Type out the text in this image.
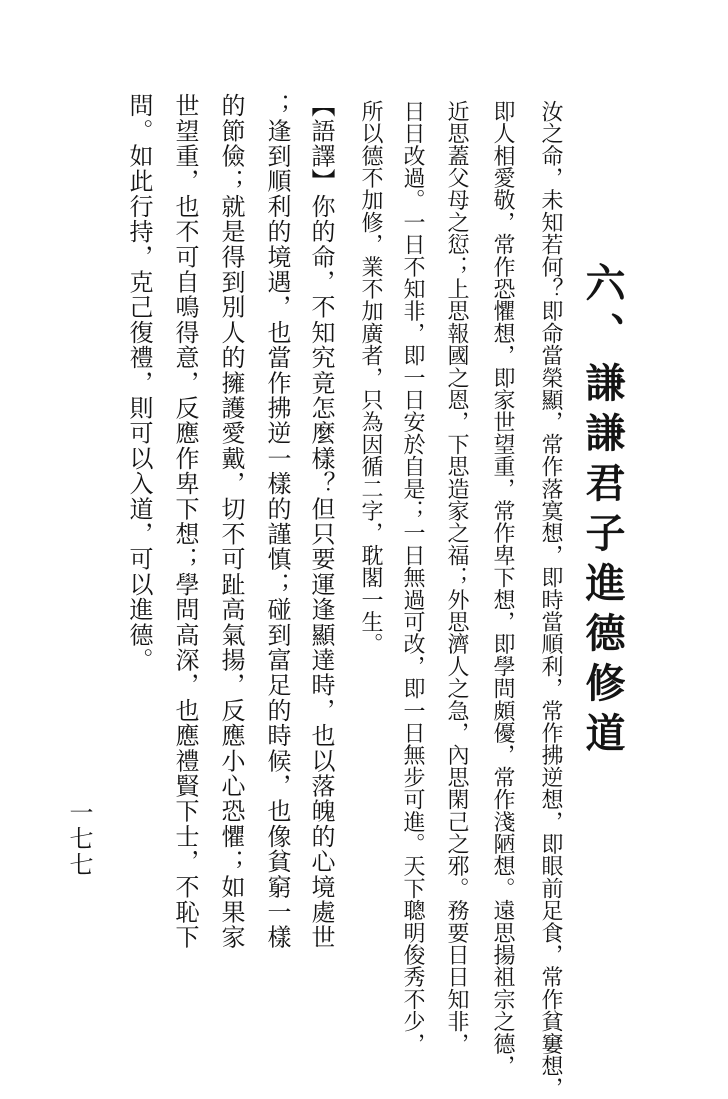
六、謙謙君子進德修道
汝之命，未知若何？即命當榮顯，常作落寞想，即時當順利，常作拂逆想，即眼前足食，常作貧窶想，
即人相愛敬，常作恐懼想，即家世望重，常作卑下想，即學問頗優，常作淺陋想。遠思揚祖宗之德，
近思蓋父母之愆；上思報國之恩，下思造家之福；外思濟人之急，內思閑己之邪。務要日日知非，
日日改過。一日不知非，即一日安於自是；一日無過可改，即一日無步可進。天下聰明俊秀不少，
所以德不加修，業不加廣者，只為因循二字，耽閣一生。
【語譯】你的命，不知究竟怎麼樣？但只要運逢顯達時，也以落魄的心境處世
；逢到順利的境遇，也當作拂逆一樣的謹慎；碰到富足的時候，也像貧窮一樣
的節儉；就是得到別人的擁護愛戴，切不可趾高氣揚，反應小心恐懼；如果家
世望重，也不可自鳴得意，反應作卑下想；學問高深，也應禮賢下士，不恥下
問。如此行持，克己復禮，則可以入道，可以進德。
一七七
